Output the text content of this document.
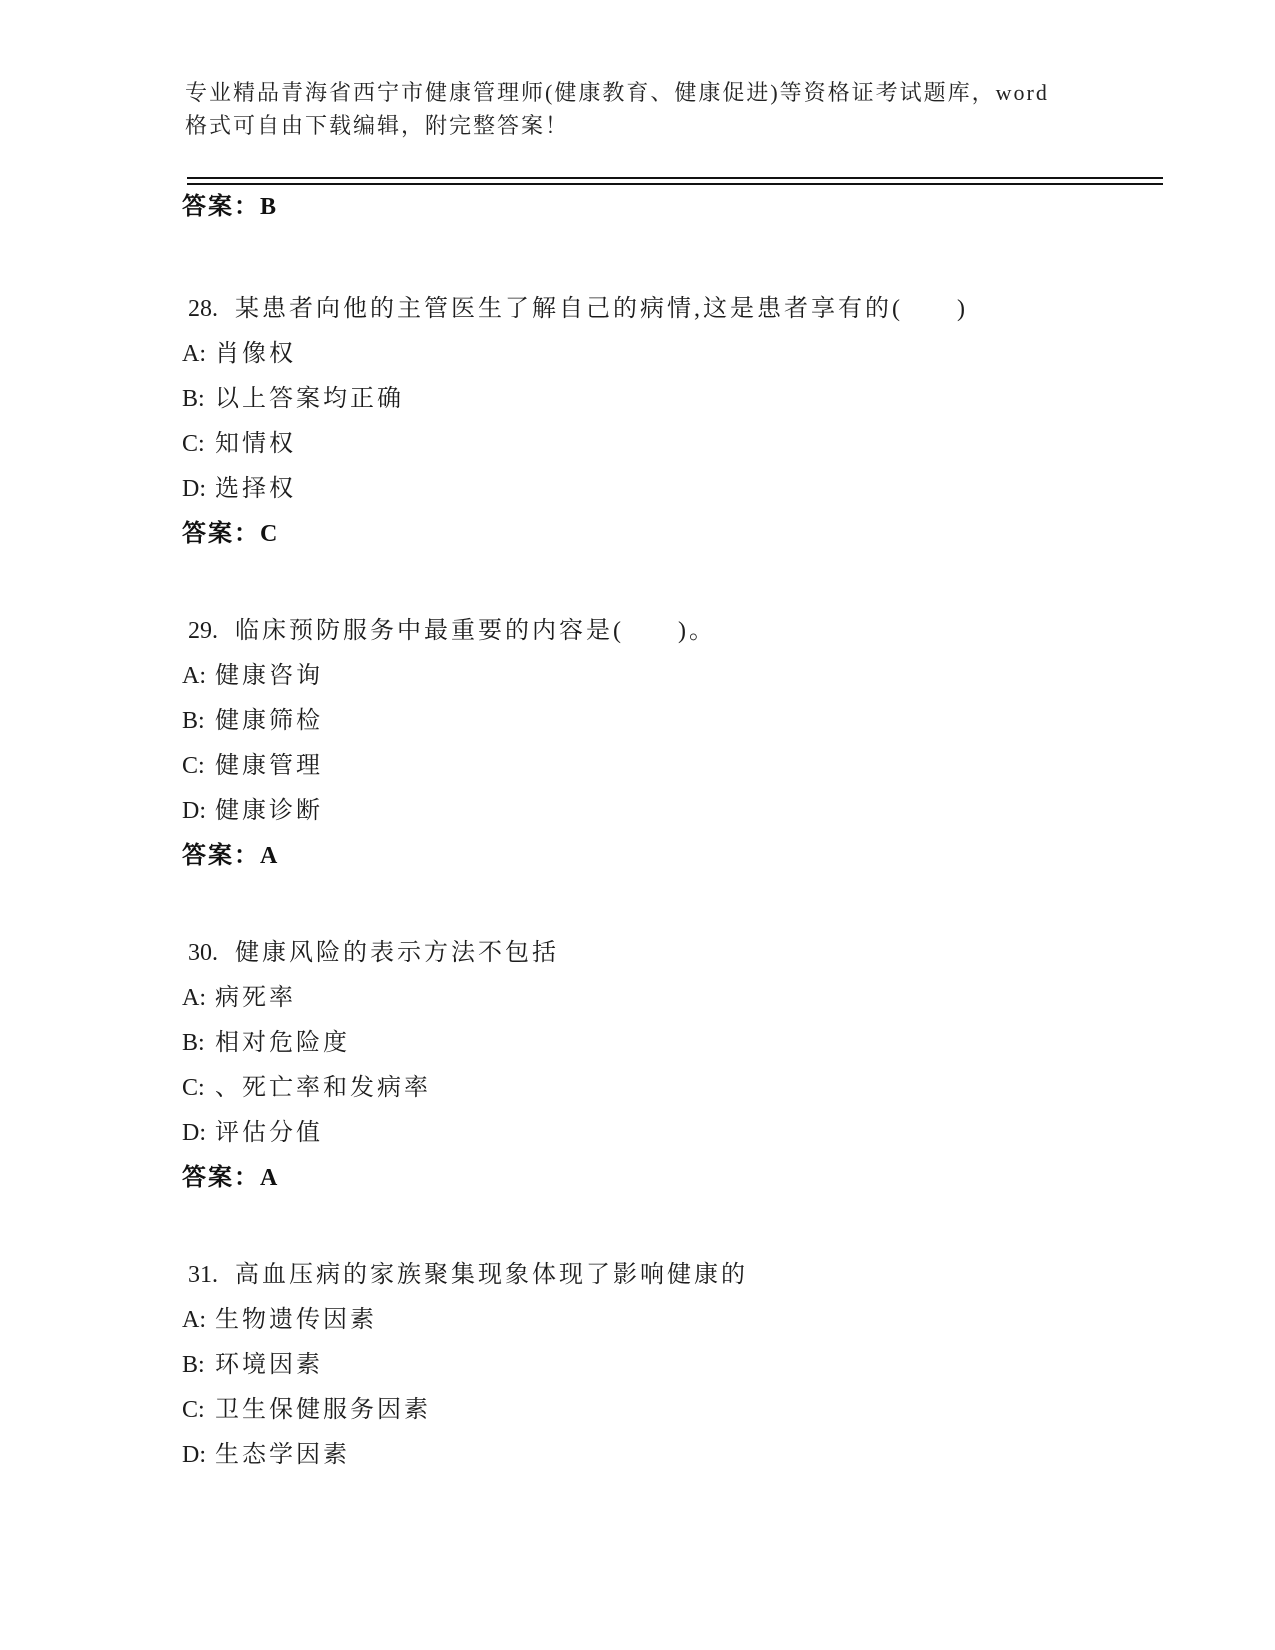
专业精品青海省西宁市健康管理师(健康教育、健康促进)等资格证考试题库，word
格式可自由下载编辑，附完整答案！
答案：B
28. 某患者向他的主管医生了解自己的病情,这是患者享有的(　　)
A: 肖像权
B: 以上答案均正确
C: 知情权
D: 选择权
答案：C
29. 临床预防服务中最重要的内容是(　　)。
A: 健康咨询
B: 健康筛检
C: 健康管理
D: 健康诊断
答案：A
30. 健康风险的表示方法不包括
A: 病死率
B: 相对危险度
C: 、死亡率和发病率
D: 评估分值
答案：A
31. 高血压病的家族聚集现象体现了影响健康的
A: 生物遗传因素
B: 环境因素
C: 卫生保健服务因素
D: 生态学因素
